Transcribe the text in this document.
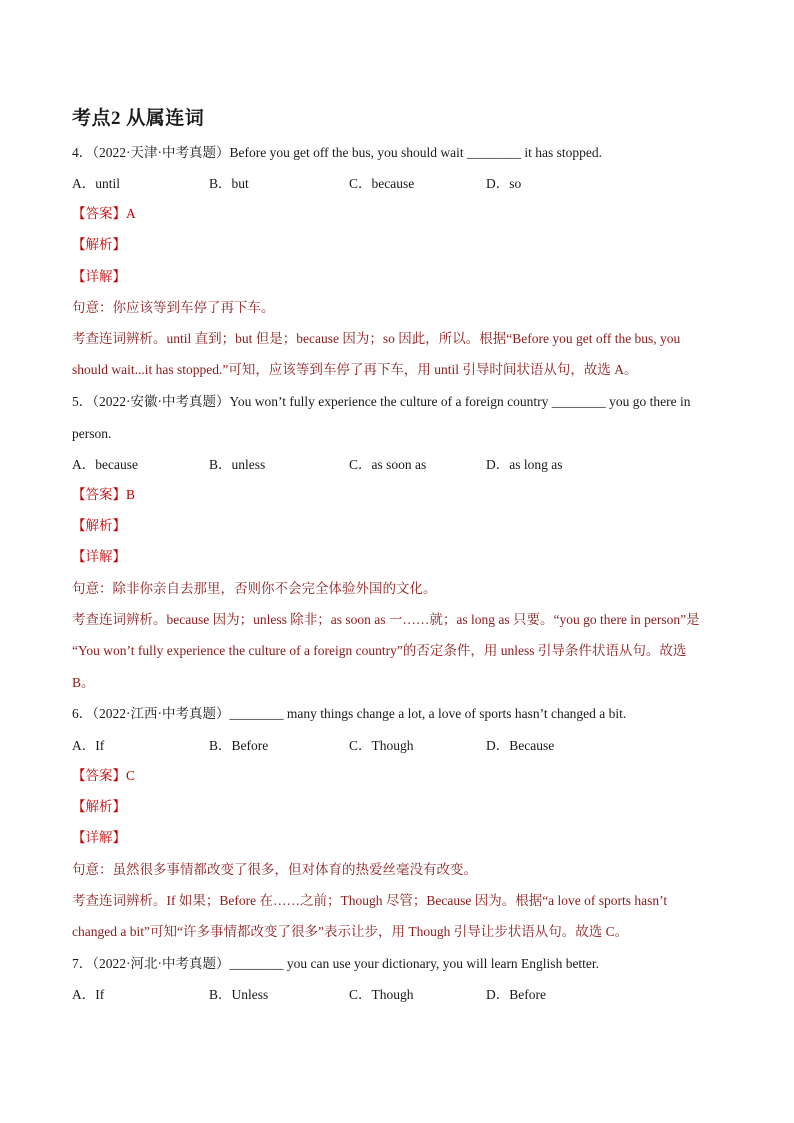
考点2 从属连词
4．（2022·天津·中考真题）Before you get off the bus, you should wait ________ it has stopped.
A．until	B．but	C．because	D．so
【答案】A
【解析】
【详解】
句意：你应该等到车停了再下车。
考查连词辨析。until 直到；but 但是；because 因为；so 因此，所以。根据“Before you get off the bus, you
should wait...it has stopped.”可知，应该等到车停了再下车，用 until 引导时间状语从句，故选 A。
5．（2022·安徽·中考真题）You won’t fully experience the culture of a foreign country ________ you go there in
person.
A．because	B．unless	C．as soon as	D．as long as
【答案】B
【解析】
【详解】
句意：除非你亲自去那里，否则你不会完全体验外国的文化。
考查连词辨析。because 因为；unless 除非；as soon as 一……就；as long as 只要。“you go there in person”是
“You won’t fully experience the culture of a foreign country”的否定条件，用 unless 引导条件状语从句。故选
B。
6．（2022·江西·中考真题）________ many things change a lot, a love of sports hasn’t changed a bit.
A．If	B．Before	C．Though	D．Because
【答案】C
【解析】
【详解】
句意：虽然很多事情都改变了很多，但对体育的热爱丝毫没有改变。
考查连词辨析。If 如果；Before 在……之前；Though 尽管；Because 因为。根据“a love of sports hasn’t
changed a bit”可知“许多事情都改变了很多”表示让步，用 Though 引导让步状语从句。故选 C。
7．（2022·河北·中考真题）________ you can use your dictionary, you will learn English better.
A．If	B．Unless	C．Though	D．Before
